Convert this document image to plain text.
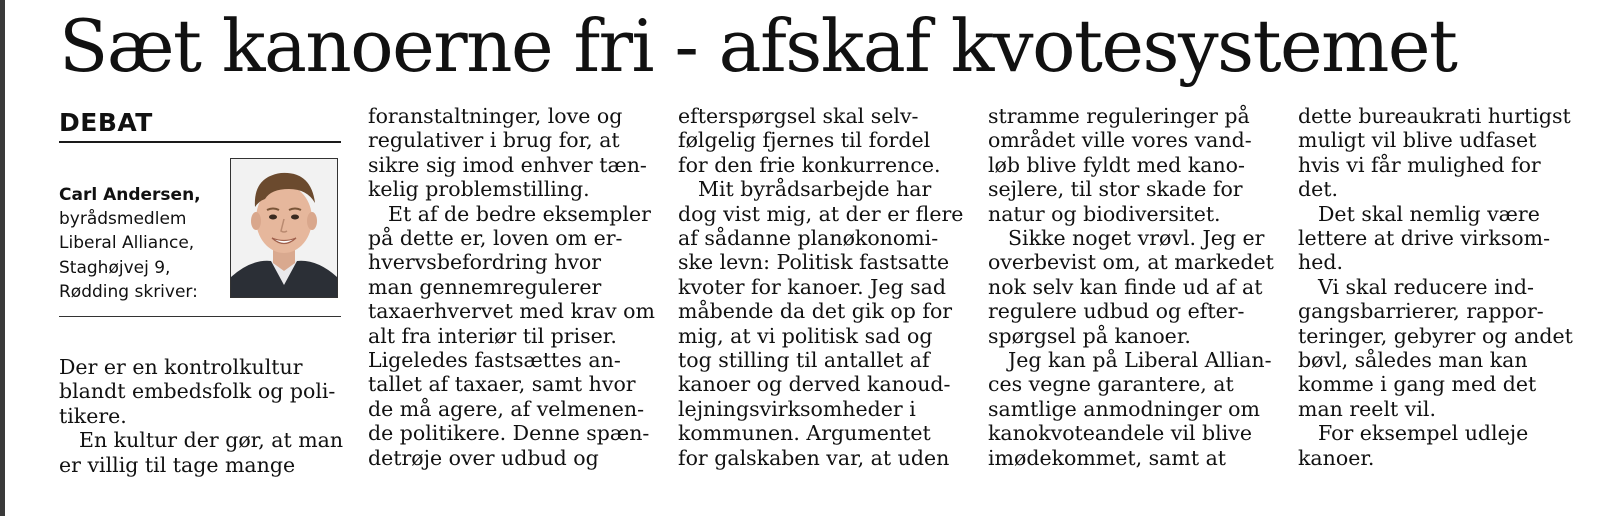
Sæt kanoerne fri - afskaf kvotesystemet
DEBAT
Carl Andersen,
byrådsmedlem
Liberal Alliance,
Staghøjvej 9,
Rødding skriver:
Der er en kontrolkultur
blandt embedsfolk og poli-
tikere.
En kultur der gør, at man
er villig til tage mange
foranstaltninger, love og
regulativer i brug for, at
sikre sig imod enhver tæn-
kelig problemstilling.
Et af de bedre eksempler
på dette er, loven om er-
hvervsbefordring hvor
man gennemregulerer
taxaerhvervet med krav om
alt fra interiør til priser.
Ligeledes fastsættes an-
tallet af taxaer, samt hvor
de må agere, af velmenen-
de politikere. Denne spæn-
detrøje over udbud og
efterspørgsel skal selv-
følgelig fjernes til fordel
for den frie konkurrence.
Mit byrådsarbejde har
dog vist mig, at der er flere
af sådanne planøkonomi-
ske levn: Politisk fastsatte
kvoter for kanoer. Jeg sad
måbende da det gik op for
mig, at vi politisk sad og
tog stilling til antallet af
kanoer og derved kanoud-
lejningsvirksomheder i
kommunen. Argumentet
for galskaben var, at uden
stramme reguleringer på
området ville vores vand-
løb blive fyldt med kano-
sejlere, til stor skade for
natur og biodiversitet.
Sikke noget vrøvl. Jeg er
overbevist om, at markedet
nok selv kan finde ud af at
regulere udbud og efter-
spørgsel på kanoer.
Jeg kan på Liberal Allian-
ces vegne garantere, at
samtlige anmodninger om
kanokvoteandele vil blive
imødekommet, samt at
dette bureaukrati hurtigst
muligt vil blive udfaset
hvis vi får mulighed for
det.
Det skal nemlig være
lettere at drive virksom-
hed.
Vi skal reducere ind-
gangsbarrierer, rappor-
teringer, gebyrer og andet
bøvl, således man kan
komme i gang med det
man reelt vil.
For eksempel udleje
kanoer.
